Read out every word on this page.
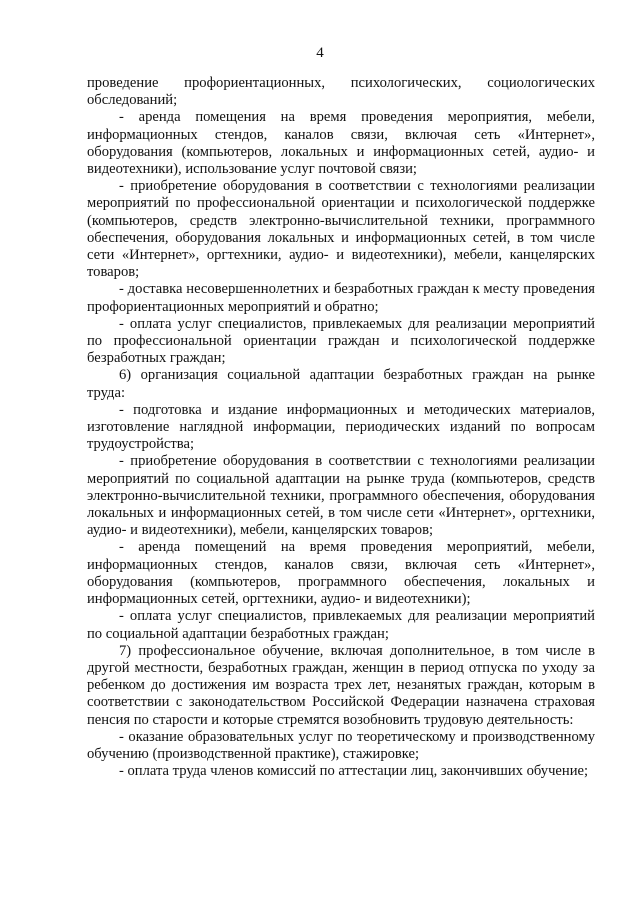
4

проведение профориентационных, психологических, социологических обследований;

- аренда помещения на время проведения мероприятия, мебели, информационных стендов, каналов связи, включая сеть «Интернет», оборудования (компьютеров, локальных и информационных сетей, аудио- и видеотехники), использование услуг почтовой связи;

- приобретение оборудования в соответствии с технологиями реализации мероприятий по профессиональной ориентации и психологической поддержке (компьютеров, средств электронно-вычислительной техники, программного обеспечения, оборудования локальных и информационных сетей, в том числе сети «Интернет», оргтехники, аудио- и видеотехники), мебели, канцелярских товаров;

- доставка несовершеннолетних и безработных граждан к месту проведения профориентационных мероприятий и обратно;

- оплата услуг специалистов, привлекаемых для реализации мероприятий по профессиональной ориентации граждан и психологической поддержке безработных граждан;

6) организация социальной адаптации безработных граждан на рынке труда:

- подготовка и издание информационных и методических материалов, изготовление наглядной информации, периодических изданий по вопросам трудоустройства;

- приобретение оборудования в соответствии с технологиями реализации мероприятий по социальной адаптации на рынке труда (компьютеров, средств электронно-вычислительной техники, программного обеспечения, оборудования локальных и информационных сетей, в том числе сети «Интернет», оргтехники, аудио- и видеотехники), мебели, канцелярских товаров;

- аренда помещений на время проведения мероприятий, мебели, информационных стендов, каналов связи, включая сеть «Интернет», оборудования (компьютеров, программного обеспечения, локальных и информационных сетей, оргтехники, аудио- и видеотехники);

- оплата услуг специалистов, привлекаемых для реализации мероприятий по социальной адаптации безработных граждан;

7) профессиональное обучение, включая дополнительное, в том числе в другой местности, безработных граждан, женщин в период отпуска по уходу за ребенком до достижения им возраста трех лет, незанятых граждан, которым в соответствии с законодательством Российской Федерации назначена страховая пенсия по старости и которые стремятся возобновить трудовую деятельность:

- оказание образовательных услуг по теоретическому и производственному обучению (производственной практике), стажировке;

- оплата труда членов комиссий по аттестации лиц, закончивших обучение;
